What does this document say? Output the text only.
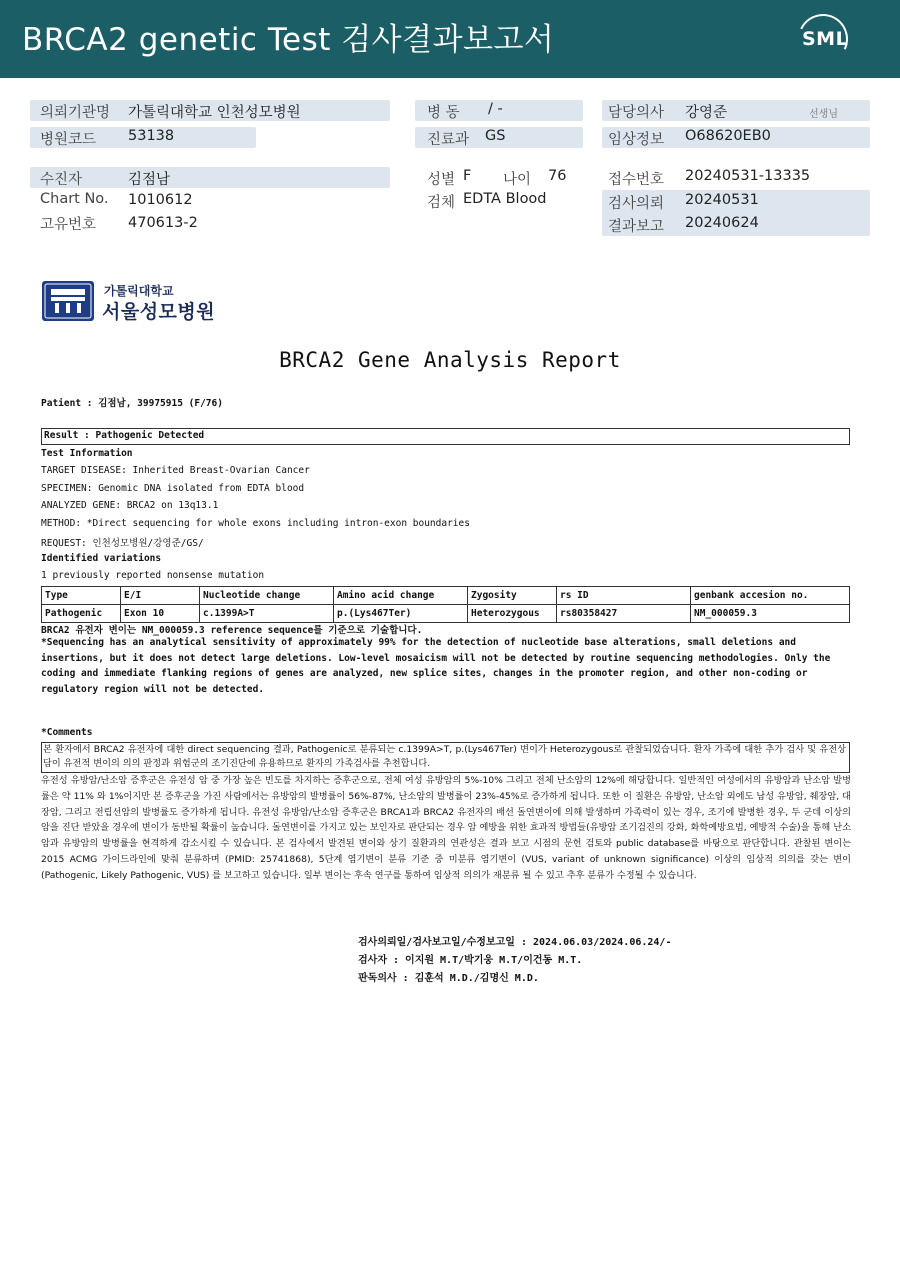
BRCA2 genetic Test 검사결과보고서	SML
의뢰기관명 가톨릭대학교 인천성모병원	병 동 / -	담당의사 강영준	선생님
병원코드 53138	진료과 GS	임상정보 O68620EB0
수진자	김점남
Chart No. 1010612
고유번호 470613-2
성별 F 나이 76
검체 EDTA Blood
접수번호 20240531-13335
검사의뢰 20240531
결과보고 20240624
가톨릭대학교
서울성모병원
BRCA2 Gene Analysis Report
Patient : 김점남, 39975915 (F/76)
Result : Pathogenic Detected
Test Information
TARGET DISEASE: Inherited Breast-Ovarian Cancer
SPECIMEN: Genomic DNA isolated from EDTA blood
ANALYZED GENE: BRCA2 on 13q13.1
METHOD: *Direct sequencing for whole exons including intron-exon boundaries
REQUEST: 인천성모병원/강영준/GS/
Identified variations
1 previously reported nonsense mutation
Type	E/I	Nucleotide change	Amino acid change	Zygosity	rs ID	genbank accesion no.
Pathogenic	Exon 10	c.1399A>T	p.(Lys467Ter)	Heterozygous	rs80358427	NM_000059.3
BRCA2 유전자 변이는 NM_000059.3 reference sequence를 기준으로 기술합니다.
*Sequencing has an analytical sensitivity of approximately 99% for the detection of nucleotide base alterations, small deletions and insertions, but it does not detect large deletions. Low-level mosaicism will not be detected by routine sequencing methodologies. Only the coding and immediate flanking regions of genes are analyzed, new splice sites, changes in the promoter region, and other non-coding or regulatory region will not be detected.
*Comments
본 환자에서 BRCA2 유전자에 대한 direct sequencing 결과, Pathogenic로 분류되는 c.1399A>T, p.(Lys467Ter) 변이가 Heterozygous로 관찰되었습니다. 환자 가족에 대한 추가 검사 및 유전상담이 유전적 변이의 의의 판정과 위험군의 조기진단에 유용하므로 환자의 가족검사를 추천합니다.
유전성 유방암/난소암 증후군은 유전성 암 중 가장 높은 빈도를 차지하는 증후군으로, 전체 여성 유방암의 5%-10% 그리고 전체 난소암의 12%에 해당합니다. 일반적인 여성에서의 유방암과 난소암 발병률은 약 11% 와 1%이지만 본 증후군을 가진 사람에서는 유방암의 발병률이 56%-87%, 난소암의 발병률이 23%-45%로 증가하게 됩니다. 또한 이 질환은 유방암, 난소암 외에도 남성 유방암, 췌장암, 대장암, 그리고 전립선암의 발병률도 증가하게 됩니다. 유전성 유방암/난소암 증후군은 BRCA1과 BRCA2 유전자의 배선 돌연변이에 의해 발생하며 가족력이 있는 경우, 조기에 발병한 경우, 두 군데 이상의 암을 진단 받았을 경우에 변이가 동반될 확률이 높습니다. 돌연변이를 가지고 있는 보인자로 판단되는 경우 암 예방을 위한 효과적 방법들(유방암 조기검진의 강화, 화학예방요법, 예방적 수술)을 통해 난소암과 유방암의 발병률을 현격하게 감소시킬 수 있습니다. 본 검사에서 발견된 변이와 상기 질환과의 연관성은 결과 보고 시점의 문헌 검토와 public database를 바탕으로 판단합니다. 관찰된 변이는 2015 ACMG 가이드라인에 맞춰 분류하며 (PMID: 25741868), 5단계 염기변이 분류 기준 중 미분류 염기변이 (VUS, variant of unknown significance) 이상의 임상적 의의를 갖는 변이 (Pathogenic, Likely Pathogenic, VUS) 를 보고하고 있습니다. 일부 변이는 후속 연구를 통하여 임상적 의의가 재분류 될 수 있고 추후 분류가 수정될 수 있습니다.
검사의뢰일/검사보고일/수정보고일 : 2024.06.03/2024.06.24/-
검사자 : 이지원 M.T/박기웅 M.T/이건동 M.T.
판독의사 : 김훈석 M.D./김명신 M.D.
